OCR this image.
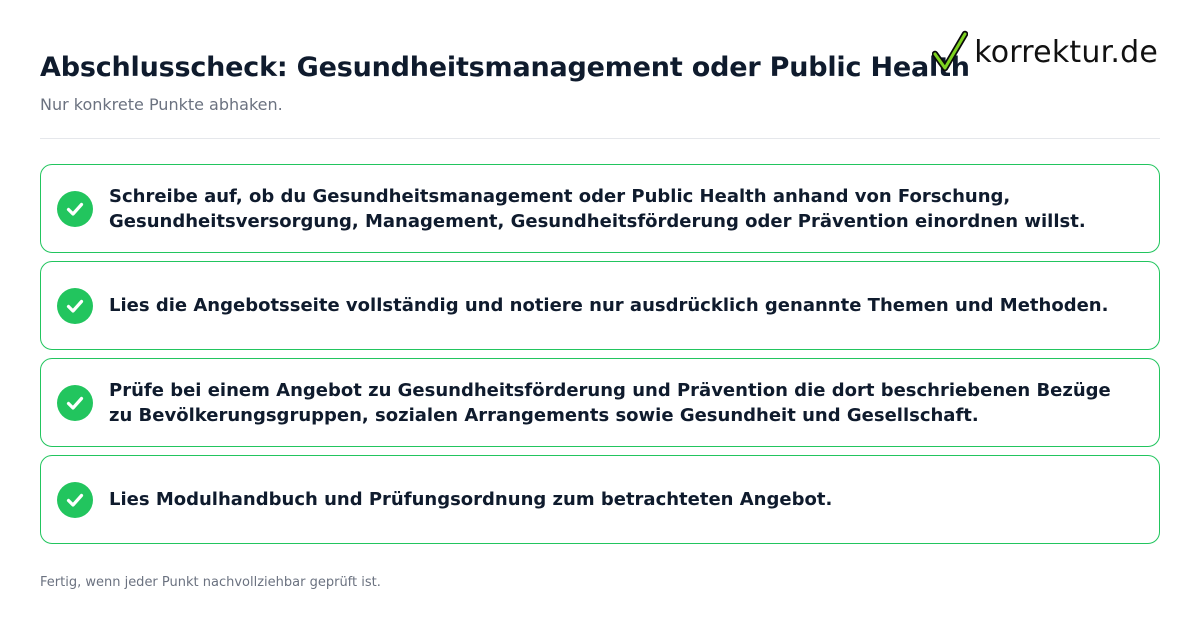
Abschlusscheck: Gesundheitsmanagement oder Public Health
Nur konkrete Punkte abhaken.
korrektur.de
Schreibe auf, ob du Gesundheitsmanagement oder Public Health anhand von Forschung, Gesundheitsversorgung, Management, Gesundheitsförderung oder Prävention einordnen willst.
Lies die Angebotsseite vollständig und notiere nur ausdrücklich genannte Themen und Methoden.
Prüfe bei einem Angebot zu Gesundheitsförderung und Prävention die dort beschriebenen Bezüge zu Bevölkerungsgruppen, sozialen Arrangements sowie Gesundheit und Gesellschaft.
Lies Modulhandbuch und Prüfungsordnung zum betrachteten Angebot.
Fertig, wenn jeder Punkt nachvollziehbar geprüft ist.
